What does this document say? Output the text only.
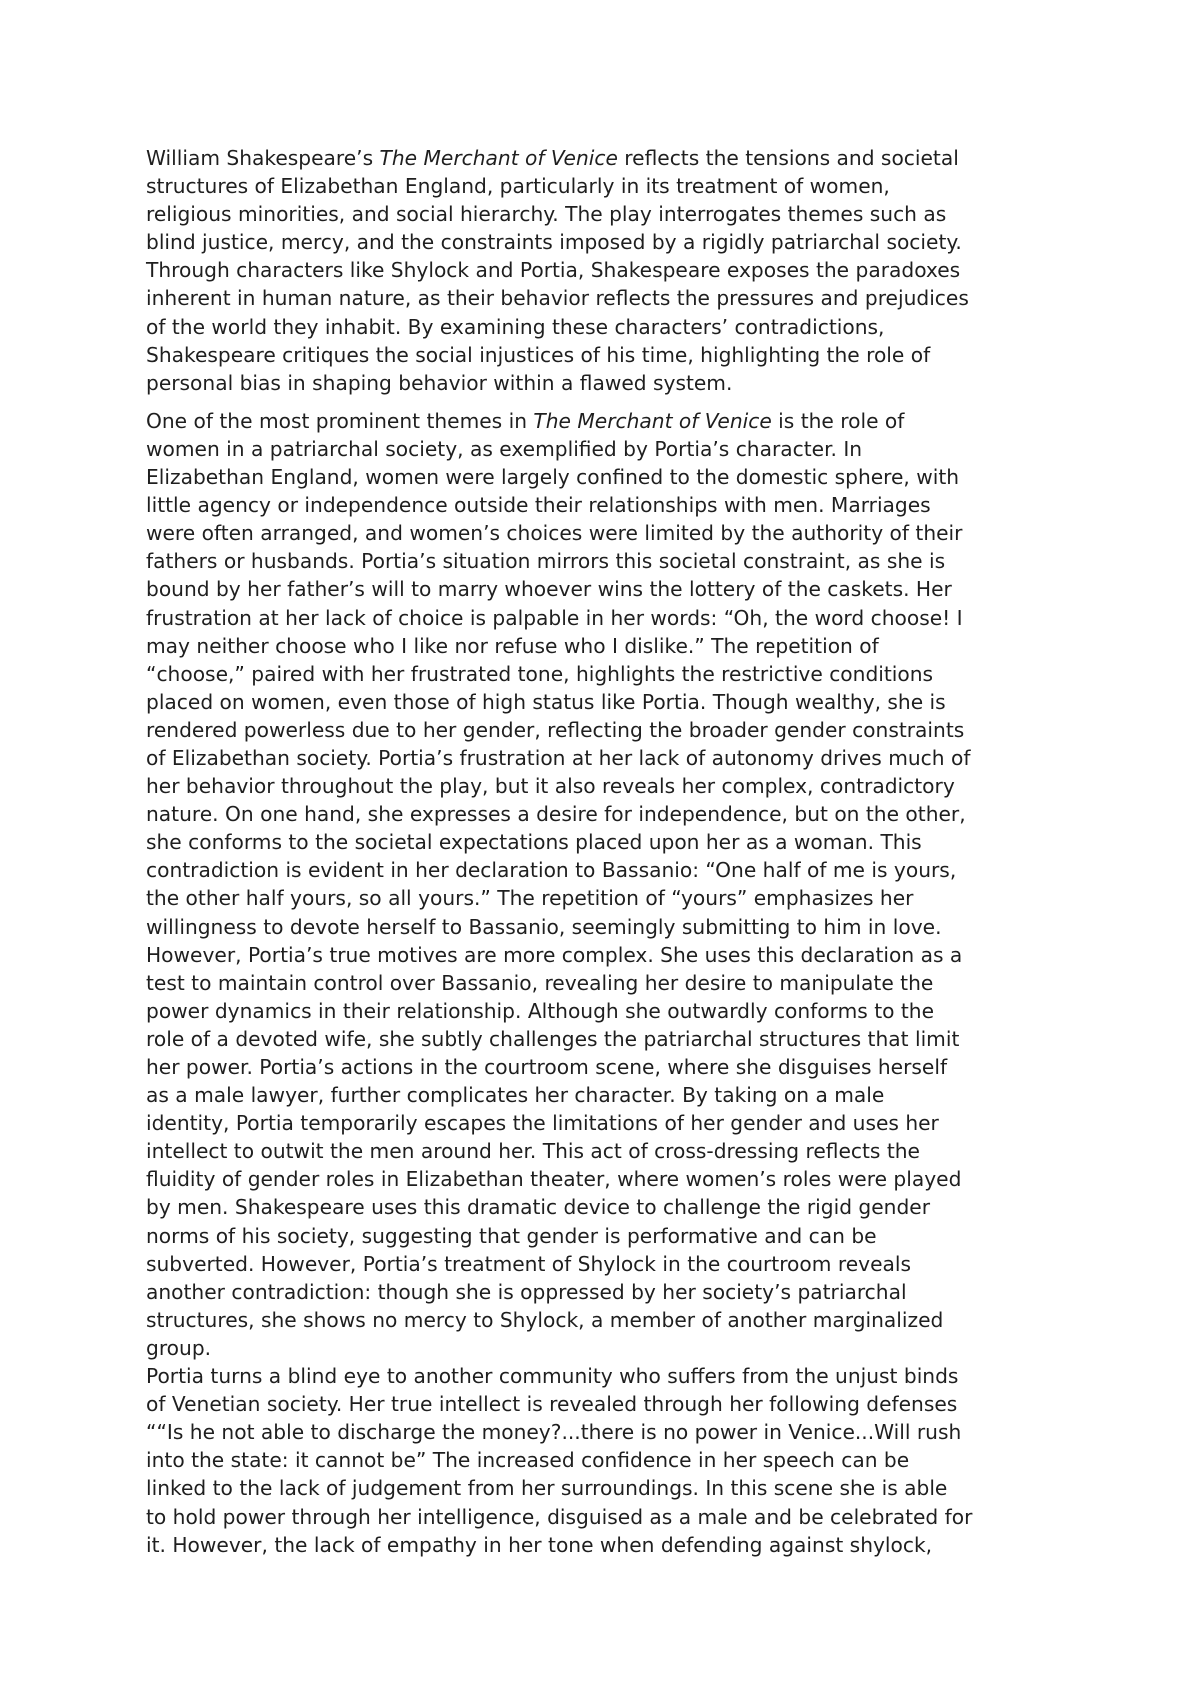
William Shakespeare’s The Merchant of Venice reflects the tensions and societal
structures of Elizabethan England, particularly in its treatment of women,
religious minorities, and social hierarchy. The play interrogates themes such as
blind justice, mercy, and the constraints imposed by a rigidly patriarchal society.
Through characters like Shylock and Portia, Shakespeare exposes the paradoxes
inherent in human nature, as their behavior reflects the pressures and prejudices
of the world they inhabit. By examining these characters’ contradictions,
Shakespeare critiques the social injustices of his time, highlighting the role of
personal bias in shaping behavior within a flawed system.

One of the most prominent themes in The Merchant of Venice is the role of
women in a patriarchal society, as exemplified by Portia’s character. In
Elizabethan England, women were largely confined to the domestic sphere, with
little agency or independence outside their relationships with men. Marriages
were often arranged, and women’s choices were limited by the authority of their
fathers or husbands. Portia’s situation mirrors this societal constraint, as she is
bound by her father’s will to marry whoever wins the lottery of the caskets. Her
frustration at her lack of choice is palpable in her words: “Oh, the word choose! I
may neither choose who I like nor refuse who I dislike.” The repetition of
“choose,” paired with her frustrated tone, highlights the restrictive conditions
placed on women, even those of high status like Portia. Though wealthy, she is
rendered powerless due to her gender, reflecting the broader gender constraints
of Elizabethan society. Portia’s frustration at her lack of autonomy drives much of
her behavior throughout the play, but it also reveals her complex, contradictory
nature. On one hand, she expresses a desire for independence, but on the other,
she conforms to the societal expectations placed upon her as a woman. This
contradiction is evident in her declaration to Bassanio: “One half of me is yours,
the other half yours, so all yours.” The repetition of “yours” emphasizes her
willingness to devote herself to Bassanio, seemingly submitting to him in love.
However, Portia’s true motives are more complex. She uses this declaration as a
test to maintain control over Bassanio, revealing her desire to manipulate the
power dynamics in their relationship. Although she outwardly conforms to the
role of a devoted wife, she subtly challenges the patriarchal structures that limit
her power. Portia’s actions in the courtroom scene, where she disguises herself
as a male lawyer, further complicates her character. By taking on a male
identity, Portia temporarily escapes the limitations of her gender and uses her
intellect to outwit the men around her. This act of cross-dressing reflects the
fluidity of gender roles in Elizabethan theater, where women’s roles were played
by men. Shakespeare uses this dramatic device to challenge the rigid gender
norms of his society, suggesting that gender is performative and can be
subverted. However, Portia’s treatment of Shylock in the courtroom reveals
another contradiction: though she is oppressed by her society’s patriarchal
structures, she shows no mercy to Shylock, a member of another marginalized
group.

Portia turns a blind eye to another community who suffers from the unjust binds
of Venetian society. Her true intellect is revealed through her following defenses
““Is he not able to discharge the money?...there is no power in Venice...Will rush
into the state: it cannot be” The increased confidence in her speech can be
linked to the lack of judgement from her surroundings. In this scene she is able
to hold power through her intelligence, disguised as a male and be celebrated for
it. However, the lack of empathy in her tone when defending against shylock,
